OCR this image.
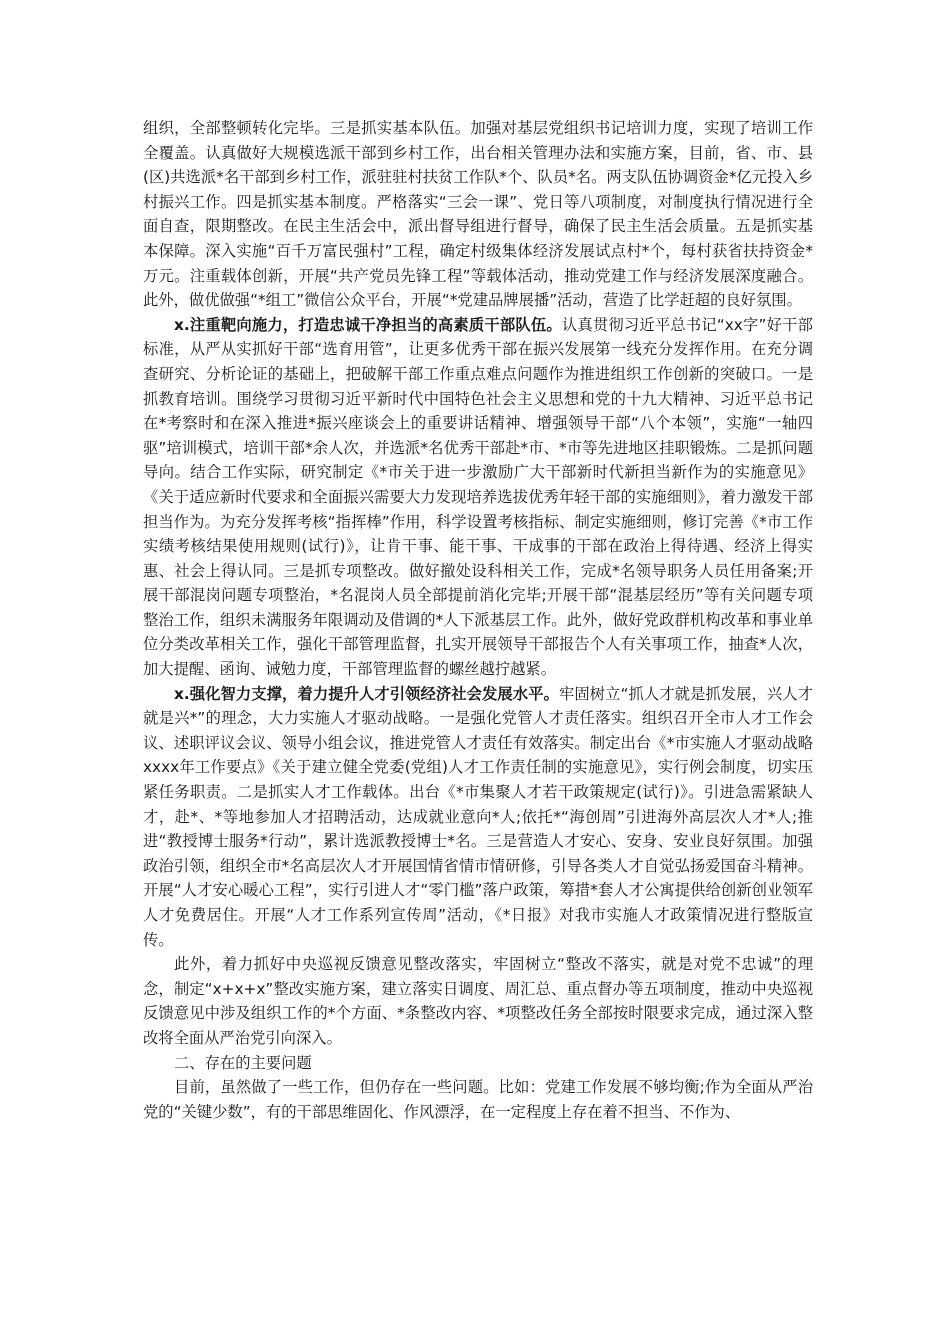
组织，全部整顿转化完毕。三是抓实基本队伍。加强对基层党组织书记培训力度，实现了培训工作全覆盖。认真做好大规模选派干部到乡村工作，出台相关管理办法和实施方案，目前，省、市、县(区)共选派*名干部到乡村工作，派驻驻村扶贫工作队*个、队员*名。两支队伍协调资金*亿元投入乡村振兴工作。四是抓实基本制度。严格落实“三会一课”、党日等八项制度，对制度执行情况进行全面自查，限期整改。在民主生活会中，派出督导组进行督导，确保了民主生活会质量。五是抓实基本保障。深入实施“百千万富民强村”工程，确定村级集体经济发展试点村*个，每村获省扶持资金*万元。注重载体创新，开展“共产党员先锋工程”等载体活动，推动党建工作与经济发展深度融合。此外，做优做强“*组工”微信公众平台，开展“*党建品牌展播”活动，营造了比学赶超的良好氛围。

x.注重靶向施力，打造忠诚干净担当的高素质干部队伍。认真贯彻习近平总书记“xx字”好干部标准，从严从实抓好干部“选育用管”，让更多优秀干部在振兴发展第一线充分发挥作用。在充分调查研究、分析论证的基础上，把破解干部工作重点难点问题作为推进组织工作创新的突破口。一是抓教育培训。围绕学习贯彻习近平新时代中国特色社会主义思想和党的十九大精神、习近平总书记在*考察时和在深入推进*振兴座谈会上的重要讲话精神、增强领导干部“八个本领”，实施“一轴四驱”培训模式，培训干部*余人次，并选派*名优秀干部赴*市、*市等先进地区挂职锻炼。二是抓问题导向。结合工作实际，研究制定《*市关于进一步激励广大干部新时代新担当新作为的实施意见》《关于适应新时代要求和全面振兴需要大力发现培养选拔优秀年轻干部的实施细则》，着力激发干部担当作为。为充分发挥考核“指挥棒”作用，科学设置考核指标、制定实施细则，修订完善《*市工作实绩考核结果使用规则(试行)》，让肯干事、能干事、干成事的干部在政治上得待遇、经济上得实惠、社会上得认同。三是抓专项整改。做好撤处设科相关工作，完成*名领导职务人员任用备案;开展干部混岗问题专项整治，*名混岗人员全部提前消化完毕;开展干部“混基层经历”等有关问题专项整治工作，组织未满服务年限调动及借调的*人下派基层工作。此外，做好党政群机构改革和事业单位分类改革相关工作，强化干部管理监督，扎实开展领导干部报告个人有关事项工作，抽查*人次，加大提醒、函询、诫勉力度，干部管理监督的螺丝越拧越紧。

x.强化智力支撑，着力提升人才引领经济社会发展水平。牢固树立“抓人才就是抓发展，兴人才就是兴*”的理念，大力实施人才驱动战略。一是强化党管人才责任落实。组织召开全市人才工作会议、述职评议会议、领导小组会议，推进党管人才责任有效落实。制定出台《*市实施人才驱动战略xxxx年工作要点》《关于建立健全党委(党组)人才工作责任制的实施意见》，实行例会制度，切实压紧任务职责。二是抓实人才工作载体。出台《*市集聚人才若干政策规定(试行)》。引进急需紧缺人才，赴*、*等地参加人才招聘活动，达成就业意向*人;依托*“海创周”引进海外高层次人才*人;推进“教授博士服务*行动”，累计选派教授博士*名。三是营造人才安心、安身、安业良好氛围。加强政治引领，组织全市*名高层次人才开展国情省情市情研修，引导各类人才自觉弘扬爱国奋斗精神。开展“人才安心暖心工程”，实行引进人才“零门槛”落户政策，筹措*套人才公寓提供给创新创业领军人才免费居住。开展“人才工作系列宣传周”活动，《*日报》对我市实施人才政策情况进行整版宣传。

此外，着力抓好中央巡视反馈意见整改落实，牢固树立“整改不落实，就是对党不忠诚”的理念，制定“x+x+x”整改实施方案，建立落实日调度、周汇总、重点督办等五项制度，推动中央巡视反馈意见中涉及组织工作的*个方面、*条整改内容、*项整改任务全部按时限要求完成，通过深入整改将全面从严治党引向深入。

二、存在的主要问题

目前，虽然做了一些工作，但仍存在一些问题。比如：党建工作发展不够均衡;作为全面从严治党的“关键少数”，有的干部思维固化、作风漂浮，在一定程度上存在着不担当、不作为、
